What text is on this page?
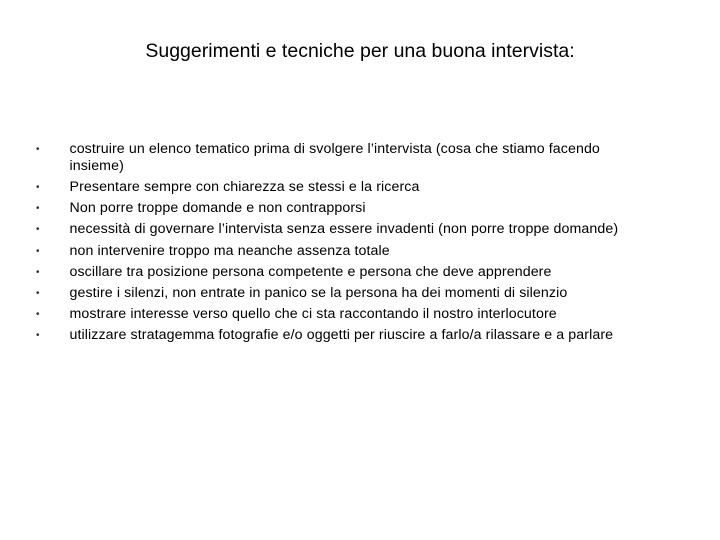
Suggerimenti e tecniche per una buona intervista:
•	costruire un elenco tematico prima di svolgere l’intervista (cosa che stiamo facendo insieme)
•	Presentare sempre con chiarezza se stessi e la ricerca
•	Non porre troppe domande e non contrapporsi
•	necessità di governare l’intervista senza essere invadenti (non porre troppe domande)
•	non intervenire troppo ma neanche assenza totale
•	oscillare tra posizione persona competente e persona che deve apprendere
•	gestire i silenzi, non entrate in panico se la persona ha dei momenti di silenzio
•	mostrare interesse verso quello che ci sta raccontando il nostro interlocutore
•	utilizzare stratagemma fotografie e/o oggetti per riuscire a farlo/a rilassare e a parlare
